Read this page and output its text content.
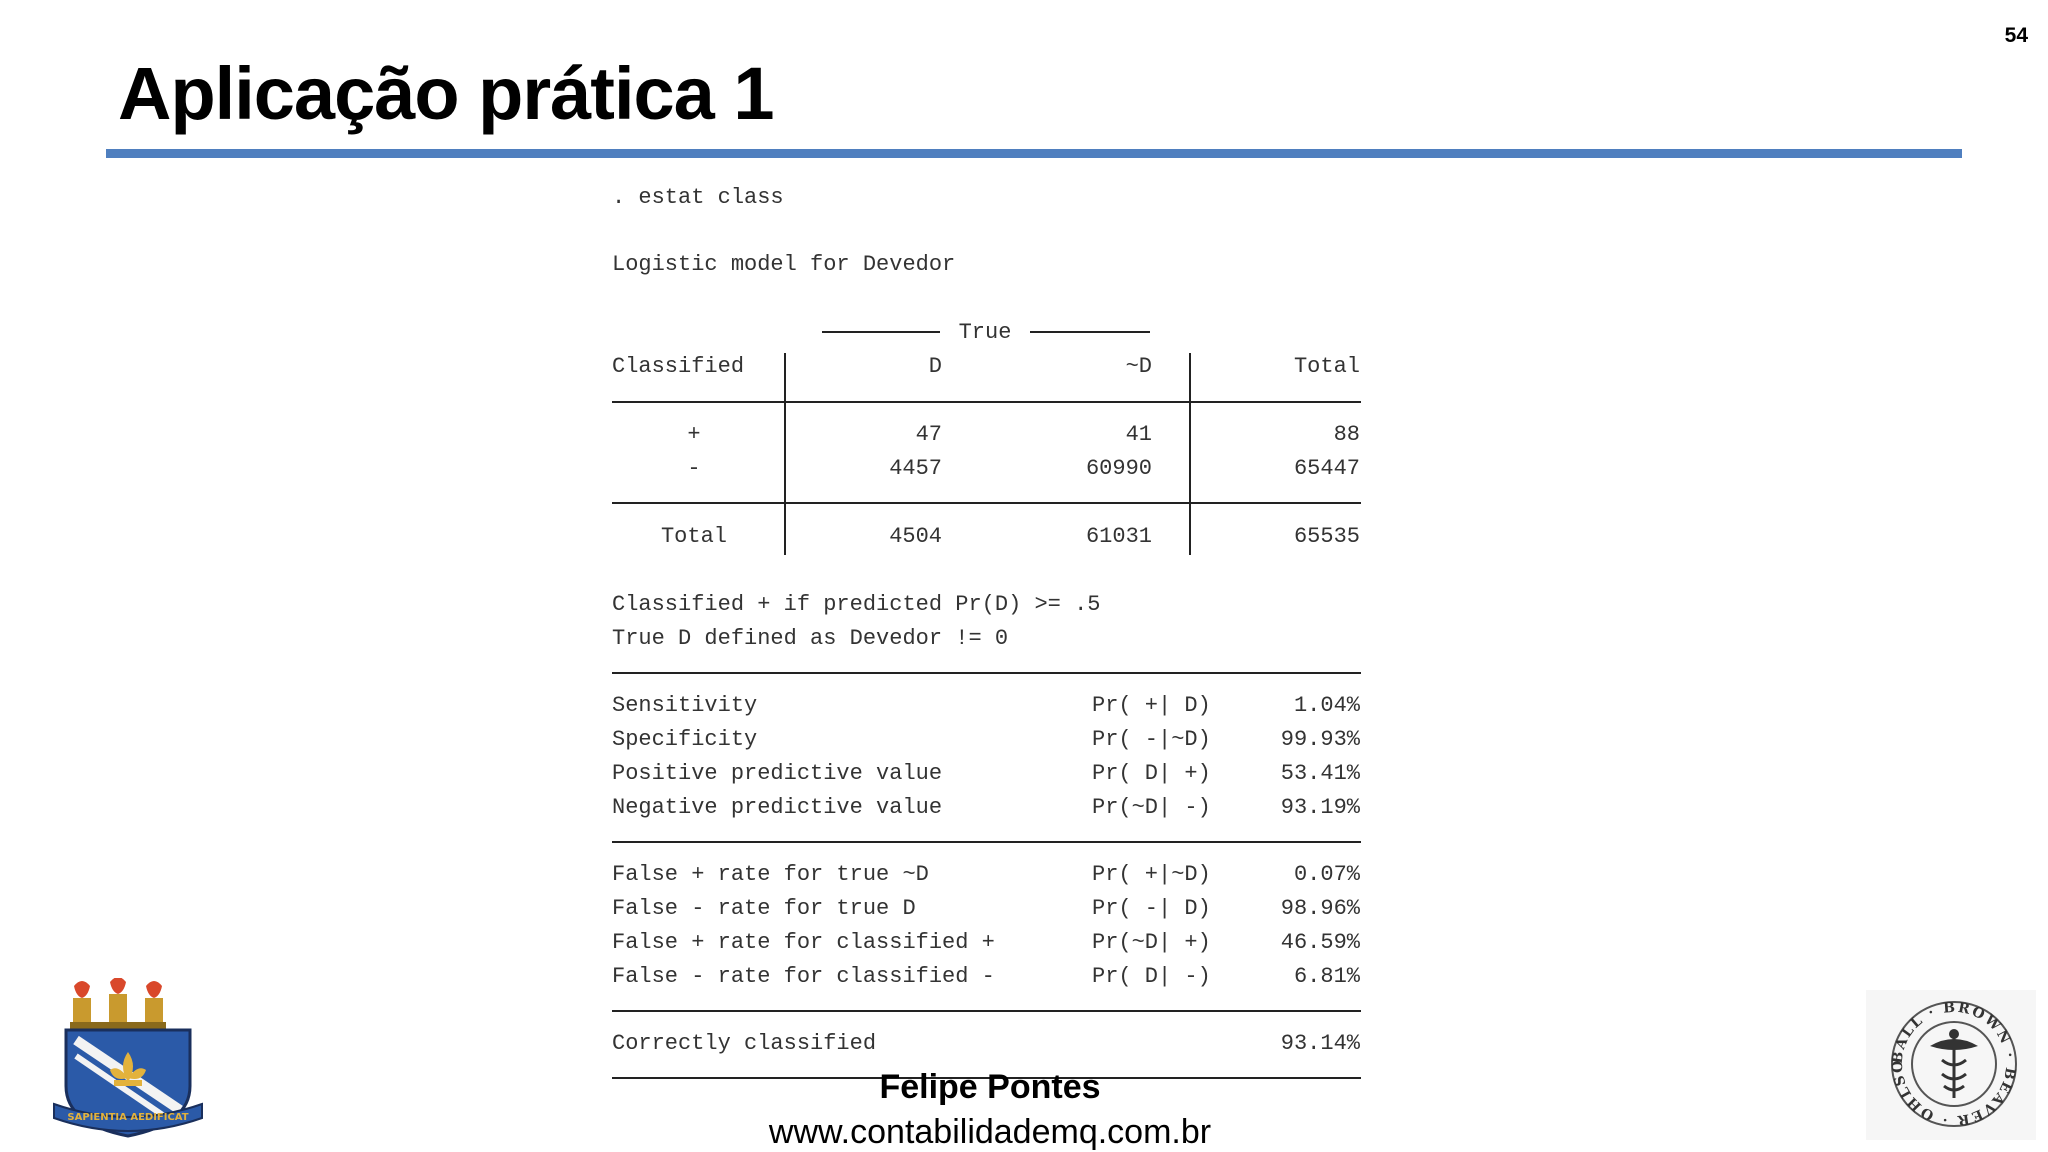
54
Aplicação prática 1
. estat class
Logistic model for Devedor
True
Classified	D	~D	Total
+	47	41	88
-	4457	60990	65447
Total	4504	61031	65535
Classified + if predicted Pr(D) >= .5
True D defined as Devedor != 0
Sensitivity	Pr( +| D)	1.04%
Specificity	Pr( -|~D)	99.93%
Positive predictive value	Pr( D| +)	53.41%
Negative predictive value	Pr(~D| -)	93.19%
False + rate for true ~D	Pr( +|~D)	0.07%
False - rate for true D	Pr( -| D)	98.96%
False + rate for classified +	Pr(~D| +)	46.59%
False - rate for classified -	Pr( D| -)	6.81%
Correctly classified	93.14%
Felipe Pontes
www.contabilidademq.com.br
SAPIENTIA AEDIFICAT
BALL · BROWN · BEAVER · OHLSO
